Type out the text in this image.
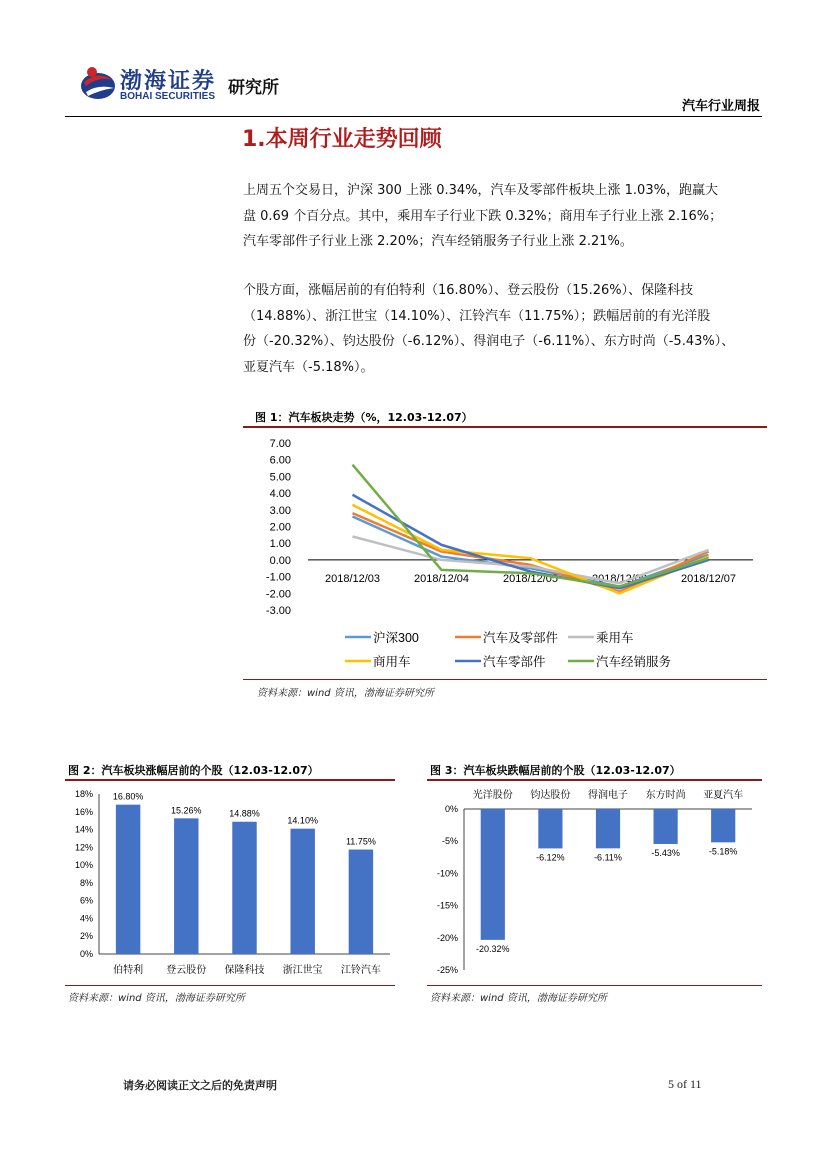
渤海证券
BOHAI SECURITIES 研究所
汽车行业周报
1.本周行业走势回顾
上周五个交易日，沪深 300 上涨 0.34%，汽车及零部件板块上涨 1.03%，跑赢大
盘 0.69 个百分点。其中，乘用车子行业下跌 0.32%；商用车子行业上涨 2.16%；
汽车零部件子行业上涨 2.20%；汽车经销服务子行业上涨 2.21%。
个股方面，涨幅居前的有伯特利（16.80%）、登云股份（15.26%）、保隆科技
（14.88%）、浙江世宝（14.10%）、江铃汽车（11.75%）；跌幅居前的有光洋股
份（-20.32%）、钧达股份（-6.12%）、得润电子（-6.11%）、东方时尚（-5.43%）、
亚夏汽车（-5.18%）。
图 1：汽车板块走势（%，12.03-12.07）
7.00
6.00
5.00
4.00
3.00
2.00
1.00
0.00
-1.00
-2.00
-3.00
2018/12/03	2018/12/04	2018/12/05	2018/12/06	2018/12/07
沪深300	汽车及零部件	乘用车
商用车	汽车零部件	汽车经销服务
资料来源：wind 资讯，渤海证券研究所
图 2：汽车板块涨幅居前的个股（12.03-12.07）
18%
16%
14%
12%
10%
8%
6%
4%
2%
0%
16.80%
伯特利
15.26%
登云股份
14.88%
保隆科技
14.10%
浙江世宝
11.75%
江铃汽车
资料来源：wind 资讯，渤海证券研究所
图 3：汽车板块跌幅居前的个股（12.03-12.07）
0%
-5%
-10%
-15%
-20%
-25%
-20.32%
光洋股份
-6.12%
钧达股份
-6.11%
得润电子
-5.43%
东方时尚
-5.18%
亚夏汽车
资料来源：wind 资讯，渤海证券研究所
请务必阅读正文之后的免责声明	5 of 11
